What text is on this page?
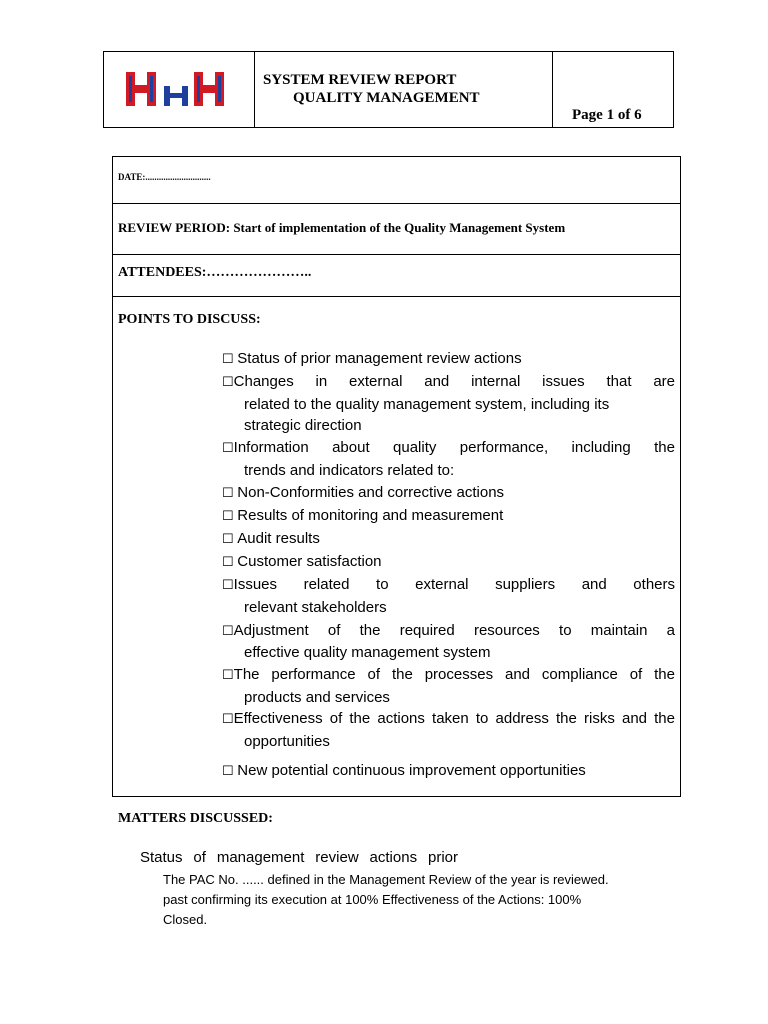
SYSTEM REVIEW REPORT
QUALITY MANAGEMENT
Page 1 of 6
DATE:.............................
REVIEW PERIOD: Start of implementation of the Quality Management System
ATTENDEES:…………………..
POINTS TO DISCUSS:
☐ Status of prior management review actions
☐ Changes in external and internal issues that are
related to the quality management system, including its
strategic direction
☐ Information about quality performance, including the
trends and indicators related to:
☐ Non-Conformities and corrective actions
☐ Results of monitoring and measurement
☐ Audit results
☐ Customer satisfaction
☐ Issues related to external suppliers and others
relevant stakeholders
☐ Adjustment of the required resources to maintain a
effective quality management system
☐ The performance of the processes and compliance of the
products and services
☐ Effectiveness of the actions taken to address the risks and the
opportunities
☐ New potential continuous improvement opportunities
MATTERS DISCUSSED:
Status of management review actions prior
The PAC No. ...... defined in the Management Review of the year is reviewed.
past confirming its execution at 100% Effectiveness of the Actions: 100%
Closed.
